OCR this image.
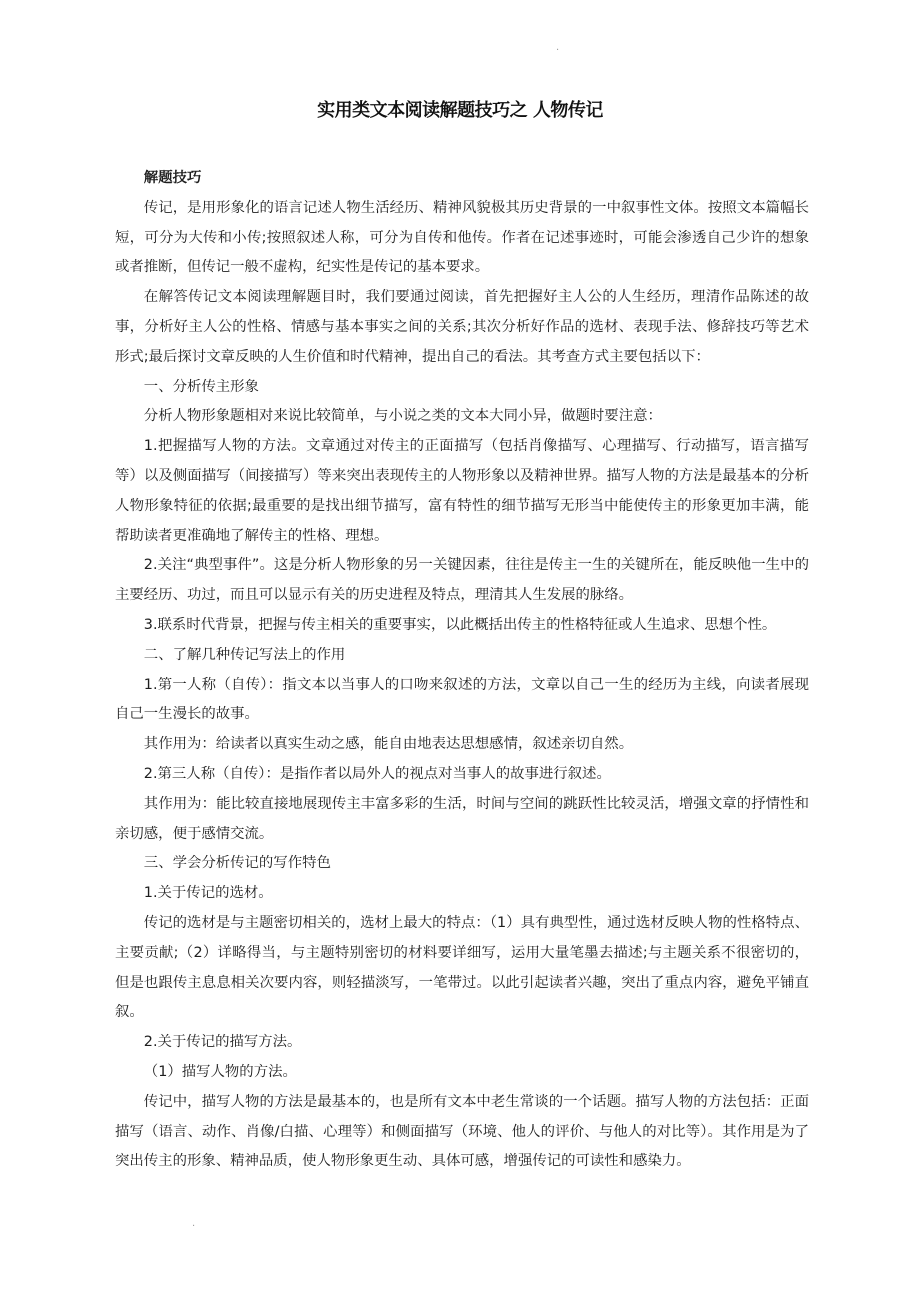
·
实用类文本阅读解题技巧之 人物传记

解题技巧

传记，是用形象化的语言记述人物生活经历、精神风貌极其历史背景的一中叙事性文体。按照文本篇幅长短，可分为大传和小传;按照叙述人称，可分为自传和他传。作者在记述事迹时，可能会渗透自己少许的想象或者推断，但传记一般不虚构，纪实性是传记的基本要求。

在解答传记文本阅读理解题目时，我们要通过阅读，首先把握好主人公的人生经历，理清作品陈述的故事，分析好主人公的性格、情感与基本事实之间的关系;其次分析好作品的选材、表现手法、修辞技巧等艺术形式;最后探讨文章反映的人生价值和时代精神，提出自己的看法。其考查方式主要包括以下：

一、分析传主形象

分析人物形象题相对来说比较简单，与小说之类的文本大同小异，做题时要注意：

1.把握描写人物的方法。文章通过对传主的正面描写（包括肖像描写、心理描写、行动描写，语言描写等）以及侧面描写（间接描写）等来突出表现传主的人物形象以及精神世界。描写人物的方法是最基本的分析人物形象特征的依据;最重要的是找出细节描写，富有特性的细节描写无形当中能使传主的形象更加丰满，能帮助读者更准确地了解传主的性格、理想。

2.关注“典型事件”。这是分析人物形象的另一关键因素，往往是传主一生的关键所在，能反映他一生中的主要经历、功过，而且可以显示有关的历史进程及特点，理清其人生发展的脉络。

3.联系时代背景，把握与传主相关的重要事实，以此概括出传主的性格特征或人生追求、思想个性。

二、了解几种传记写法上的作用

1.第一人称（自传）：指文本以当事人的口吻来叙述的方法，文章以自己一生的经历为主线，向读者展现自己一生漫长的故事。

其作用为：给读者以真实生动之感，能自由地表达思想感情，叙述亲切自然。

2.第三人称（自传）：是指作者以局外人的视点对当事人的故事进行叙述。

其作用为：能比较直接地展现传主丰富多彩的生活，时间与空间的跳跃性比较灵活，增强文章的抒情性和亲切感，便于感情交流。

三、学会分析传记的写作特色

1.关于传记的选材。

传记的选材是与主题密切相关的，选材上最大的特点：（1）具有典型性，通过选材反映人物的性格特点、主要贡献;（2）详略得当，与主题特别密切的材料要详细写，运用大量笔墨去描述;与主题关系不很密切的，但是也跟传主息息相关次要内容，则轻描淡写，一笔带过。以此引起读者兴趣，突出了重点内容，避免平铺直叙。

2.关于传记的描写方法。

（1）描写人物的方法。

传记中，描写人物的方法是最基本的，也是所有文本中老生常谈的一个话题。描写人物的方法包括：正面描写（语言、动作、肖像/白描、心理等）和侧面描写（环境、他人的评价、与他人的对比等）。其作用是为了突出传主的形象、精神品质，使人物形象更生动、具体可感，增强传记的可读性和感染力。

·
